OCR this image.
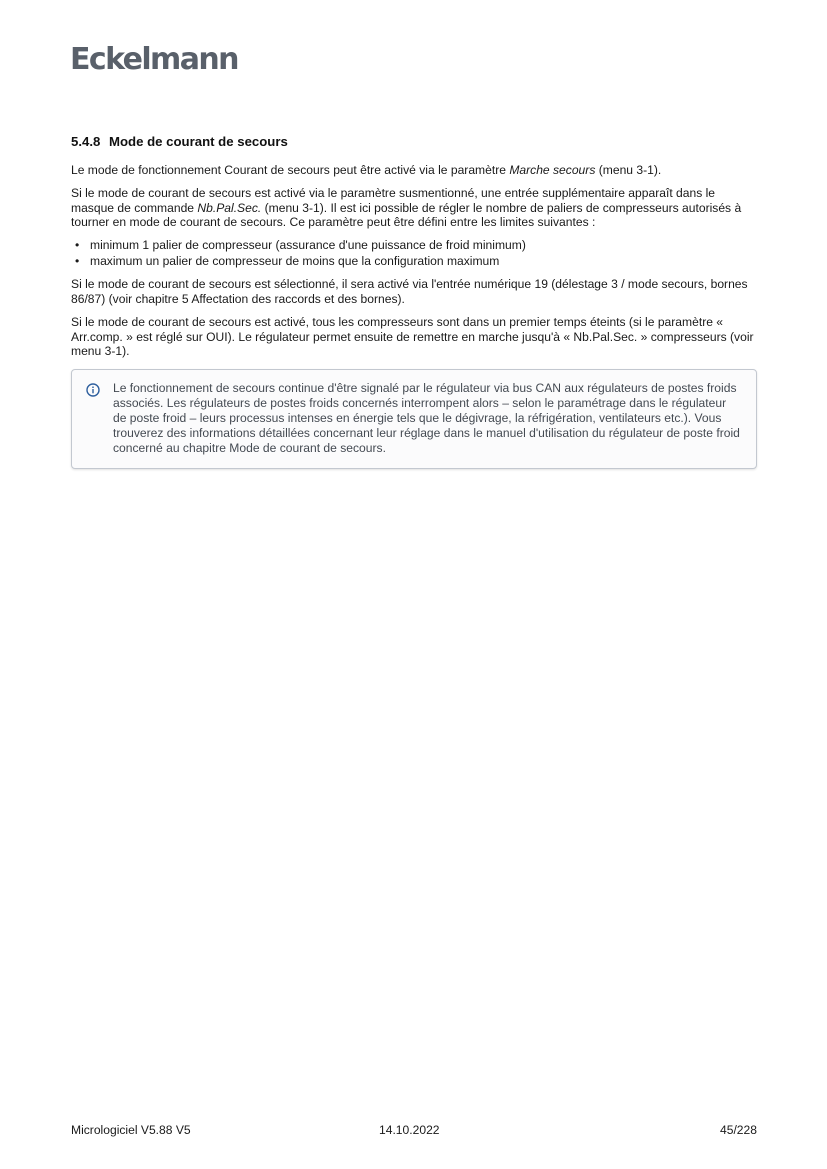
Eckelmann
5.4.8 Mode de courant de secours

Le mode de fonctionnement Courant de secours peut être activé via le paramètre Marche secours (menu 3-1).

Si le mode de courant de secours est activé via le paramètre susmentionné, une entrée supplémentaire apparaît dans le masque de commande Nb.Pal.Sec. (menu 3-1). Il est ici possible de régler le nombre de paliers de compresseurs autorisés à tourner en mode de courant de secours. Ce paramètre peut être défini entre les limites suivantes :

• minimum 1 palier de compresseur (assurance d'une puissance de froid minimum)
• maximum un palier de compresseur de moins que la configuration maximum

Si le mode de courant de secours est sélectionné, il sera activé via l'entrée numérique 19 (délestage 3 / mode secours, bornes 86/87) (voir chapitre 5 Affectation des raccords et des bornes).

Si le mode de courant de secours est activé, tous les compresseurs sont dans un premier temps éteints (si le paramètre « Arr.comp. » est réglé sur OUI). Le régulateur permet ensuite de remettre en marche jusqu'à « Nb.Pal.Sec. » compresseurs (voir menu 3-1).

Le fonctionnement de secours continue d'être signalé par le régulateur via bus CAN aux régulateurs de postes froids associés. Les régulateurs de postes froids concernés interrompent alors – selon le paramétrage dans le régulateur de poste froid – leurs processus intenses en énergie tels que le dégivrage, la réfrigération, ventilateurs etc.). Vous trouverez des informations détaillées concernant leur réglage dans le manuel d'utilisation du régulateur de poste froid concerné au chapitre Mode de courant de secours.

Micrologiciel V5.88 V5	14.10.2022	45/228
